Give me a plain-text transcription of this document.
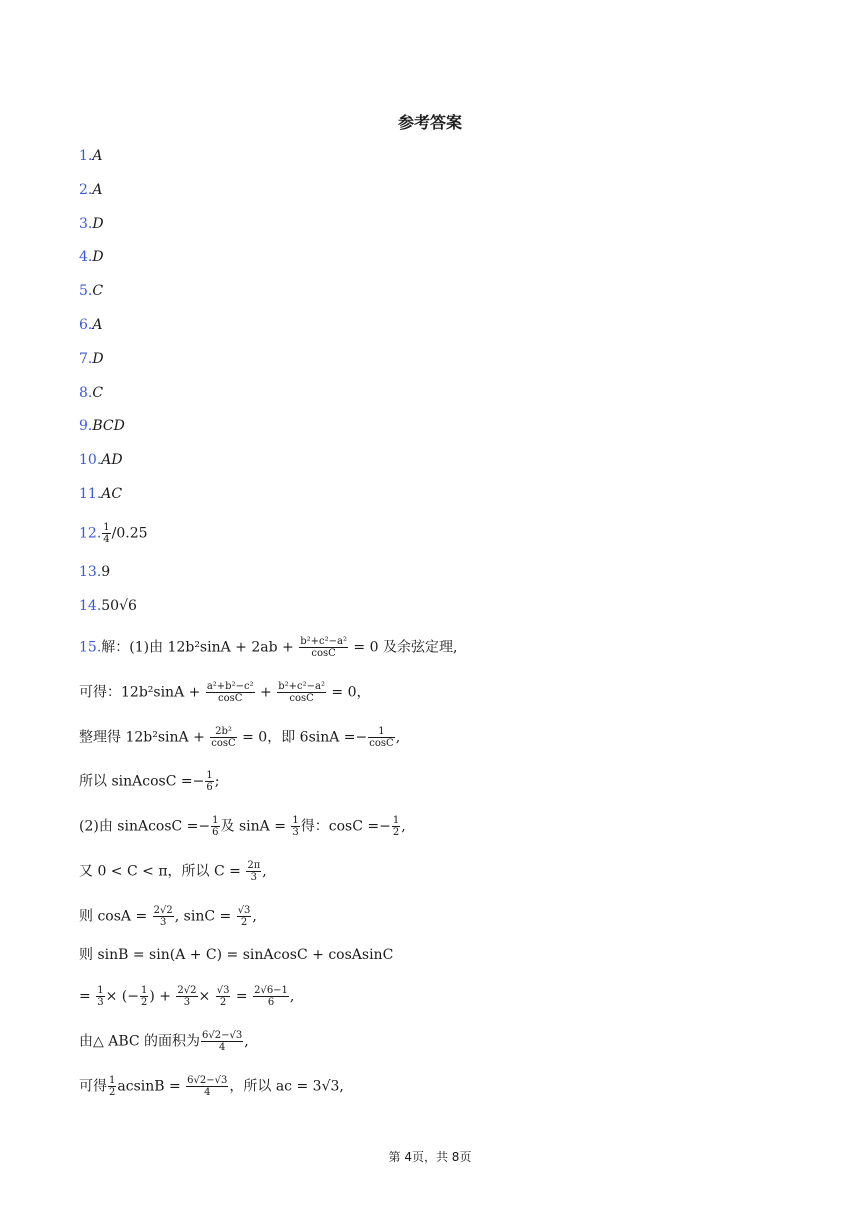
参考答案
1.A
2.A
3.D
4.D
5.C
6.A
7.D
8.C
9.BCD
10.AD
11.AC
12. $\frac{1}{4} /0.25$
13.9
14.50√6
15.解：(1)由 $12b^2\sin A + 2ab + \frac{\text{b²+c²−a²}}{\cos C} = 0$ 及余弦定理,
可得：$12b^2\sin A + \frac{\text{a²+b²−c²}}{\cos C} + \frac{\text{b²+c²−a²}}{\cos C} = 0$，
整理得 $12b^2\sin A + \frac{\text{2b²}}{\cos C} = 0$，即 $6\sin A =- \frac{1}{\cos C}$ ,
所以 sinAcosC =− $\frac{1}{6}$ ;
(2)由 sinAcosC =− $\frac{1}{6}$ 及 $\sin A = \frac{1}{3}$ 得：$\cos C =- \frac{1}{2}$ ,
又 0 < C < π，所以 $C = \frac{2\pi}{3}$ ,
则 $\cos A = \frac{2√2}{3}$ , $\sin C = \frac{√3}{2}$ ,
则 sinB = sin(A + C) = sinAcosC + cosAsinC
= $\frac{1}{3}$ × (− $\frac{1}{2}$ ) + $\frac{2√2}{3} \times \frac{√3}{2} = \frac{2√6-1}{6}$ ,
由△ ABC 的面积为 $\frac{6√2-√3}{4}$ ,
可得 $\frac{1}{2}$ $acsinB = \frac{6√2-√3}{4}$ ，所以 ac = 3√3,
第 4页，共 8页
